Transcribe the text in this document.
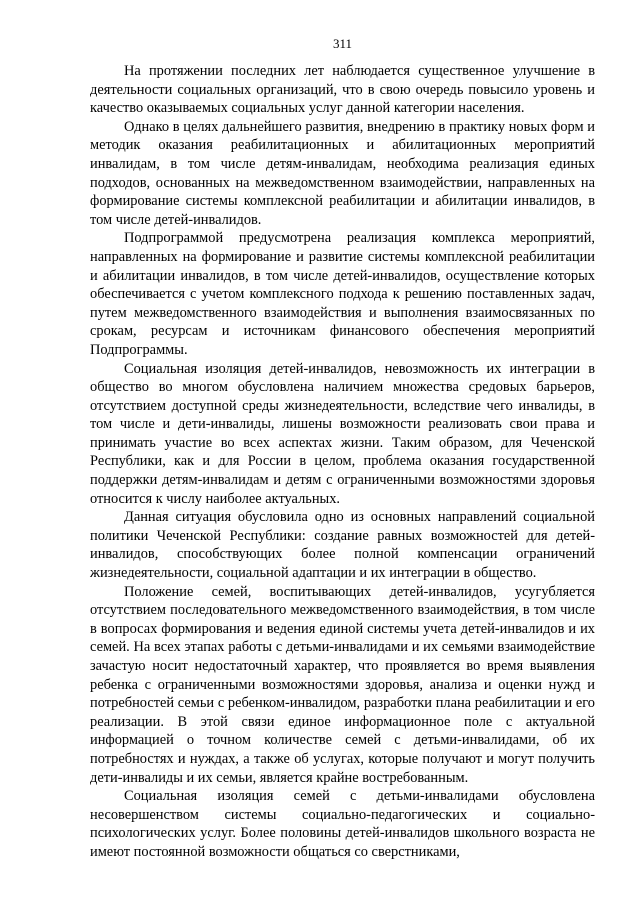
311

На протяжении последних лет наблюдается существенное улучшение в деятельности социальных организаций, что в свою очередь повысило уровень и качество оказываемых социальных услуг данной категории населения.

Однако в целях дальнейшего развития, внедрению в практику новых форм и методик оказания реабилитационных и абилитационных мероприятий инвалидам, в том числе детям-инвалидам, необходима реализация единых подходов, основанных на межведомственном взаимодействии, направленных на формирование системы комплексной реабилитации и абилитации инвалидов, в том числе детей-инвалидов.

Подпрограммой предусмотрена реализация комплекса мероприятий, направленных на формирование и развитие системы комплексной реабилитации и абилитации инвалидов, в том числе детей-инвалидов, осуществление которых обеспечивается с учетом комплексного подхода к решению поставленных задач, путем межведомственного взаимодействия и выполнения взаимосвязанных по срокам, ресурсам и источникам финансового обеспечения мероприятий Подпрограммы.

Социальная изоляция детей-инвалидов, невозможность их интеграции в общество во многом обусловлена наличием множества средовых барьеров, отсутствием доступной среды жизнедеятельности, вследствие чего инвалиды, в том числе и дети-инвалиды, лишены возможности реализовать свои права и принимать участие во всех аспектах жизни. Таким образом, для Чеченской Республики, как и для России в целом, проблема оказания государственной поддержки детям-инвалидам и детям с ограниченными возможностями здоровья относится к числу наиболее актуальных.

Данная ситуация обусловила одно из основных направлений социальной политики Чеченской Республики: создание равных возможностей для детей-инвалидов, способствующих более полной компенсации ограничений жизнедеятельности, социальной адаптации и их интеграции в общество.

Положение семей, воспитывающих детей-инвалидов, усугубляется отсутствием последовательного межведомственного взаимодействия, в том числе в вопросах формирования и ведения единой системы учета детей-инвалидов и их семей. На всех этапах работы с детьми-инвалидами и их семьями взаимодействие зачастую носит недостаточный характер, что проявляется во время выявления ребенка с ограниченными возможностями здоровья, анализа и оценки нужд и потребностей семьи с ребенком-инвалидом, разработки плана реабилитации и его реализации. В этой связи единое информационное поле с актуальной информацией о точном количестве семей с детьми-инвалидами, об их потребностях и нуждах, а также об услугах, которые получают и могут получить дети-инвалиды и их семьи, является крайне востребованным.

Социальная изоляция семей с детьми-инвалидами обусловлена несовершенством системы социально-педагогических и социально-психологических услуг. Более половины детей-инвалидов школьного возраста не имеют постоянной возможности общаться со сверстниками,
